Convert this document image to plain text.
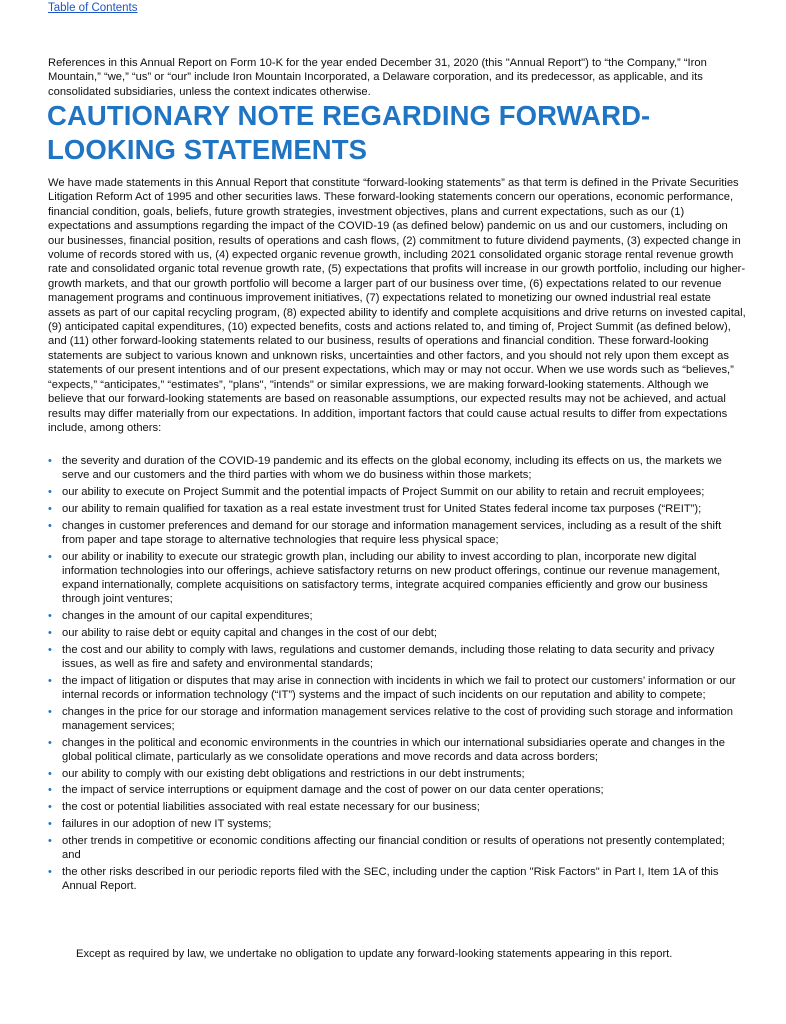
Table of Contents

References in this Annual Report on Form 10-K for the year ended December 31, 2020 (this "Annual Report") to “the Company,” “Iron Mountain,” “we,” “us” or “our” include Iron Mountain Incorporated, a Delaware corporation, and its predecessor, as applicable, and its consolidated subsidiaries, unless the context indicates otherwise.

CAUTIONARY NOTE REGARDING FORWARD-LOOKING STATEMENTS

We have made statements in this Annual Report that constitute “forward-looking statements” as that term is defined in the Private Securities Litigation Reform Act of 1995 and other securities laws. These forward-looking statements concern our operations, economic performance, financial condition, goals, beliefs, future growth strategies, investment objectives, plans and current expectations, such as our (1) expectations and assumptions regarding the impact of the COVID-19 (as defined below) pandemic on us and our customers, including on our businesses, financial position, results of operations and cash flows, (2) commitment to future dividend payments, (3) expected change in volume of records stored with us, (4) expected organic revenue growth, including 2021 consolidated organic storage rental revenue growth rate and consolidated organic total revenue growth rate, (5) expectations that profits will increase in our growth portfolio, including our higher-growth markets, and that our growth portfolio will become a larger part of our business over time, (6) expectations related to our revenue management programs and continuous improvement initiatives, (7) expectations related to monetizing our owned industrial real estate assets as part of our capital recycling program, (8) expected ability to identify and complete acquisitions and drive returns on invested capital, (9) anticipated capital expenditures, (10) expected benefits, costs and actions related to, and timing of, Project Summit (as defined below), and (11) other forward-looking statements related to our business, results of operations and financial condition. These forward-looking statements are subject to various known and unknown risks, uncertainties and other factors, and you should not rely upon them except as statements of our present intentions and of our present expectations, which may or may not occur. When we use words such as “believes,” “expects,” “anticipates,” “estimates”, "plans", "intends" or similar expressions, we are making forward-looking statements. Although we believe that our forward-looking statements are based on reasonable assumptions, our expected results may not be achieved, and actual results may differ materially from our expectations. In addition, important factors that could cause actual results to differ from expectations include, among others:

• the severity and duration of the COVID-19 pandemic and its effects on the global economy, including its effects on us, the markets we serve and our customers and the third parties with whom we do business within those markets;
• our ability to execute on Project Summit and the potential impacts of Project Summit on our ability to retain and recruit employees;
• our ability to remain qualified for taxation as a real estate investment trust for United States federal income tax purposes (“REIT”);
• changes in customer preferences and demand for our storage and information management services, including as a result of the shift from paper and tape storage to alternative technologies that require less physical space;
• our ability or inability to execute our strategic growth plan, including our ability to invest according to plan, incorporate new digital information technologies into our offerings, achieve satisfactory returns on new product offerings, continue our revenue management, expand internationally, complete acquisitions on satisfactory terms, integrate acquired companies efficiently and grow our business through joint ventures;
• changes in the amount of our capital expenditures;
• our ability to raise debt or equity capital and changes in the cost of our debt;
• the cost and our ability to comply with laws, regulations and customer demands, including those relating to data security and privacy issues, as well as fire and safety and environmental standards;
• the impact of litigation or disputes that may arise in connection with incidents in which we fail to protect our customers’ information or our internal records or information technology (“IT”) systems and the impact of such incidents on our reputation and ability to compete;
• changes in the price for our storage and information management services relative to the cost of providing such storage and information management services;
• changes in the political and economic environments in the countries in which our international subsidiaries operate and changes in the global political climate, particularly as we consolidate operations and move records and data across borders;
• our ability to comply with our existing debt obligations and restrictions in our debt instruments;
• the impact of service interruptions or equipment damage and the cost of power on our data center operations;
• the cost or potential liabilities associated with real estate necessary for our business;
• failures in our adoption of new IT systems;
• other trends in competitive or economic conditions affecting our financial condition or results of operations not presently contemplated; and
• the other risks described in our periodic reports filed with the SEC, including under the caption "Risk Factors" in Part I, Item 1A of this Annual Report.

Except as required by law, we undertake no obligation to update any forward-looking statements appearing in this report.
